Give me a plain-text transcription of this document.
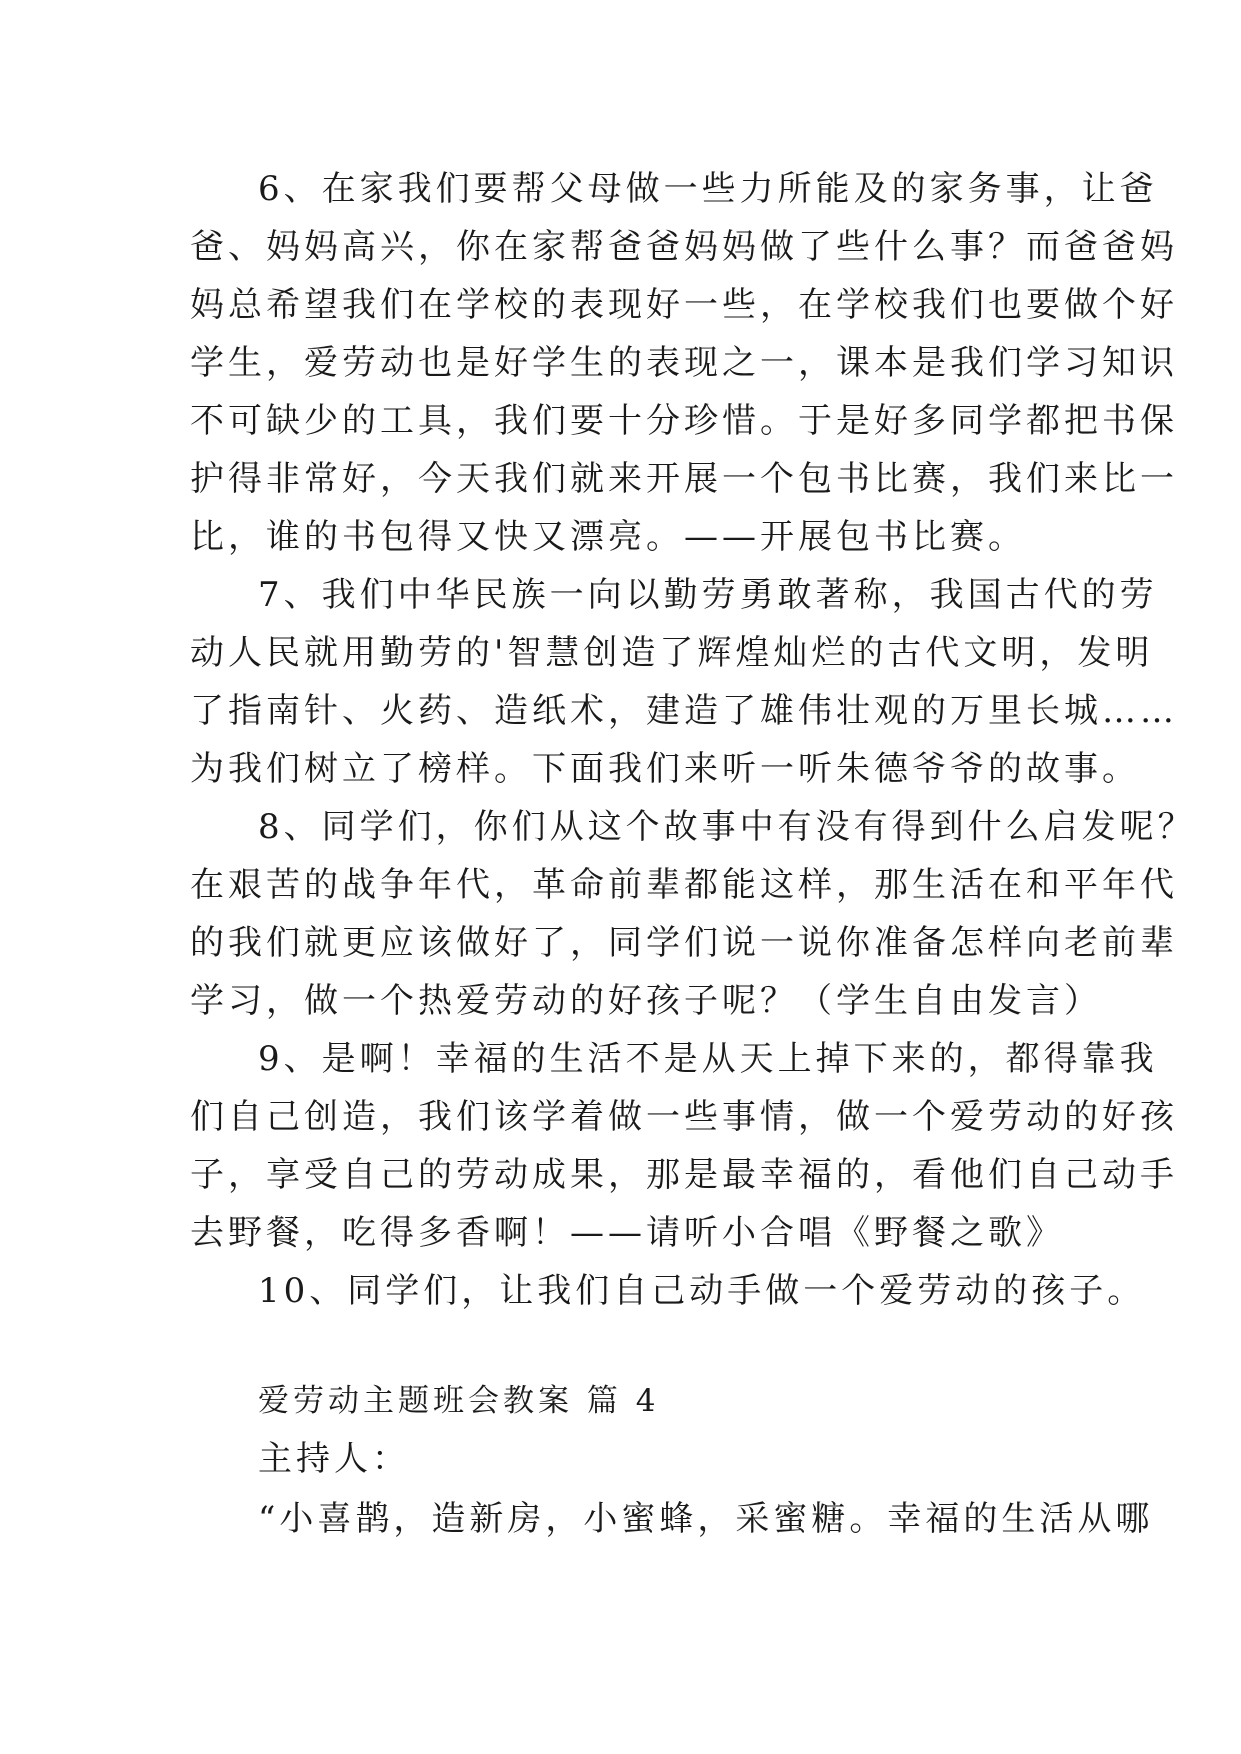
6、在家我们要帮父母做一些力所能及的家务事，让爸
爸、妈妈高兴，你在家帮爸爸妈妈做了些什么事？而爸爸妈
妈总希望我们在学校的表现好一些，在学校我们也要做个好
学生，爱劳动也是好学生的表现之一，课本是我们学习知识
不可缺少的工具，我们要十分珍惜。于是好多同学都把书保
护得非常好，今天我们就来开展一个包书比赛，我们来比一
比，谁的书包得又快又漂亮。——开展包书比赛。
7、我们中华民族一向以勤劳勇敢著称，我国古代的劳
动人民就用勤劳的'智慧创造了辉煌灿烂的古代文明，发明
了指南针、火药、造纸术，建造了雄伟壮观的万里长城……
为我们树立了榜样。下面我们来听一听朱德爷爷的故事。
8、同学们，你们从这个故事中有没有得到什么启发呢？
在艰苦的战争年代，革命前辈都能这样，那生活在和平年代
的我们就更应该做好了，同学们说一说你准备怎样向老前辈
学习，做一个热爱劳动的好孩子呢？（学生自由发言）
9、是啊！幸福的生活不是从天上掉下来的，都得靠我
们自己创造，我们该学着做一些事情，做一个爱劳动的好孩
子，享受自己的劳动成果，那是最幸福的，看他们自己动手
去野餐，吃得多香啊！——请听小合唱《野餐之歌》
10、同学们，让我们自己动手做一个爱劳动的孩子。
爱劳动主题班会教案 篇 4
主持人：
“小喜鹊，造新房，小蜜蜂，采蜜糖。幸福的生活从哪
